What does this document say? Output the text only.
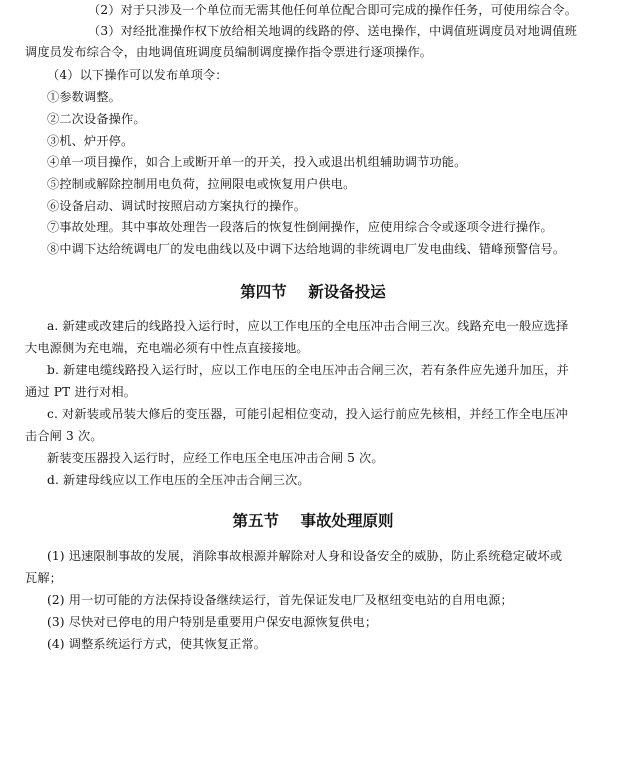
（2）对于只涉及一个单位而无需其他任何单位配合即可完成的操作任务，可使用综合令。
（3）对经批准操作权下放给相关地调的线路的停、送电操作，中调值班调度员对地调值班
调度员发布综合令，由地调值班调度员编制调度操作指令票进行逐项操作。
（4）以下操作可以发布单项令：
①参数调整。
②二次设备操作。
③机、炉开停。
④单一项目操作，如合上或断开单一的开关，投入或退出机组辅助调节功能。
⑤控制或解除控制用电负荷，拉闸限电或恢复用户供电。
⑥设备启动、调试时按照启动方案执行的操作。
⑦事故处理。其中事故处理告一段落后的恢复性倒闸操作，应使用综合令或逐项令进行操作。
⑧中调下达给统调电厂的发电曲线以及中调下达给地调的非统调电厂发电曲线、错峰预警信号。
第四节    新设备投运
a. 新建或改建后的线路投入运行时，应以工作电压的全电压冲击合闸三次。线路充电一般应选择
大电源侧为充电端，充电端必须有中性点直接接地。
b. 新建电缆线路投入运行时，应以工作电压的全电压冲击合闸三次，若有条件应先递升加压，并
通过 PT 进行对相。
c. 对新装或吊装大修后的变压器，可能引起相位变动，投入运行前应先核相，并经工作全电压冲
击合闸 3 次。
新装变压器投入运行时，应经工作电压全电压冲击合闸 5 次。
d. 新建母线应以工作电压的全压冲击合闸三次。
第五节    事故处理原则
(1) 迅速限制事故的发展，消除事故根源并解除对人身和设备安全的威胁，防止系统稳定破坏或
瓦解；
(2) 用一切可能的方法保持设备继续运行，首先保证发电厂及枢纽变电站的自用电源；
(3) 尽快对已停电的用户特别是重要用户保安电源恢复供电；
(4) 调整系统运行方式，使其恢复正常。
